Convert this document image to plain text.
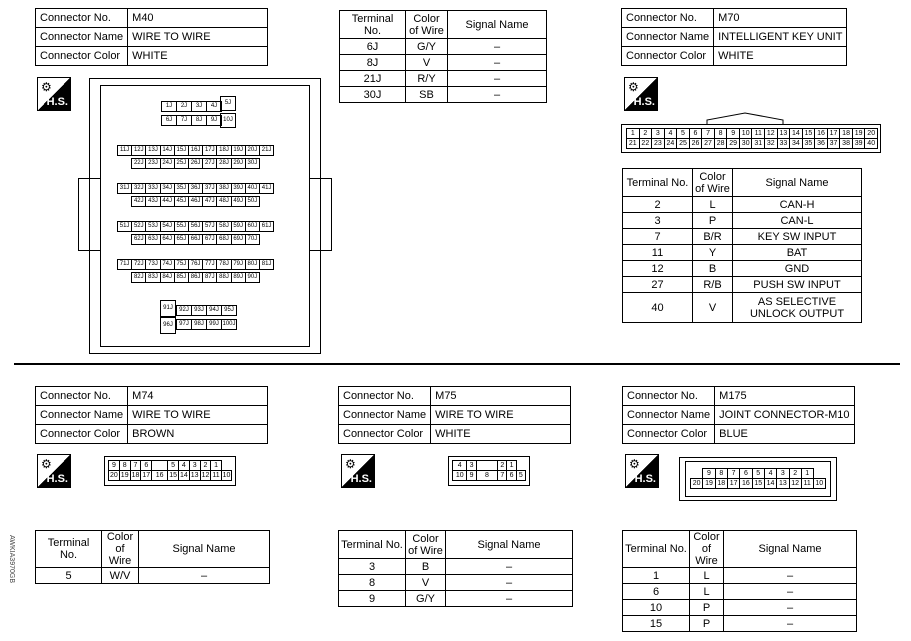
Connector No.	M40
Connector Name	WIRE TO WIRE
Connector Color	WHITE
⚙
H.S.	1J	2J	3J	4J
6J	7J	8J	9J
5J
10J
11J 12J 13J 14J 15J 16J 17J 18J 19J 20J 21J
22J 23J 24J 25J 26J 27J 28J 29J 30J
31J 32J 33J 34J 35J 36J 37J 38J 39J 40J 41J
42J 43J 44J 45J 46J 47J 48J 49J 50J
51J 52J 53J 54J 55J 56J 57J 58J 59J 60J 61J
62J 63J 64J 65J 66J 67J 68J 69J 70J
71J 72J 73J 74J 75J 76J 77J 78J 79J 80J 81J
82J 83J 84J 85J 86J 87J 88J 89J 90J
91J
96J
92J 93J 94J 95J
97J 98J 99J 100J
Terminal No.	Color of Wire	Signal Name
6J	G/Y	–
8J	V	–
21J	R/Y	–
30J	SB	–
Connector No.	M70
Connector Name	INTELLIGENT KEY UNIT
Connector Color	WHITE
⚙
H.S.
1	2	3	4	5	6	7	8	9	10	11	12	13	14	15	16	17	18	19	20
21	22	23	24	25	26	27	28	29	30	31	32	33	34	35	36	37	38	39	40
Terminal No.	Color of Wire	Signal Name
2	L	CAN-H
3	P	CAN-L
7	B/R	KEY SW INPUT
11	Y	BAT
12	B	GND
27	R/B	PUSH SW INPUT
40	V	AS SELECTIVE UNLOCK OUTPUT
Connector No.	M74
Connector Name	WIRE TO WIRE
Connector Color	BROWN
⚙
H.S.
9	8	7	6		5	4	3	2	1	
20	19	18	17	16	15	14	13	12	11	10
Terminal No.	Color of Wire	Signal Name
5	W/V	–
Connector No.	M75
Connector Name	WIRE TO WIRE
Connector Color	WHITE
⚙
H.S.
4	3		2	1	
10	9	8	7	6	5
Terminal No.	Color of Wire	Signal Name
3	B	–
8	V	–
9	G/Y	–
Connector No.	M175
Connector Name	JOINT CONNECTOR-M10
Connector Color	BLUE
⚙
H.S.
		9	8	7	6	5	4	3	2	1	
20	19	18	17	16	15	14	13	12	11	10
Terminal No.	Color of Wire	Signal Name
1	L	–
6	L	–
10	P	–
15	P	–
AWKIA3970GB
